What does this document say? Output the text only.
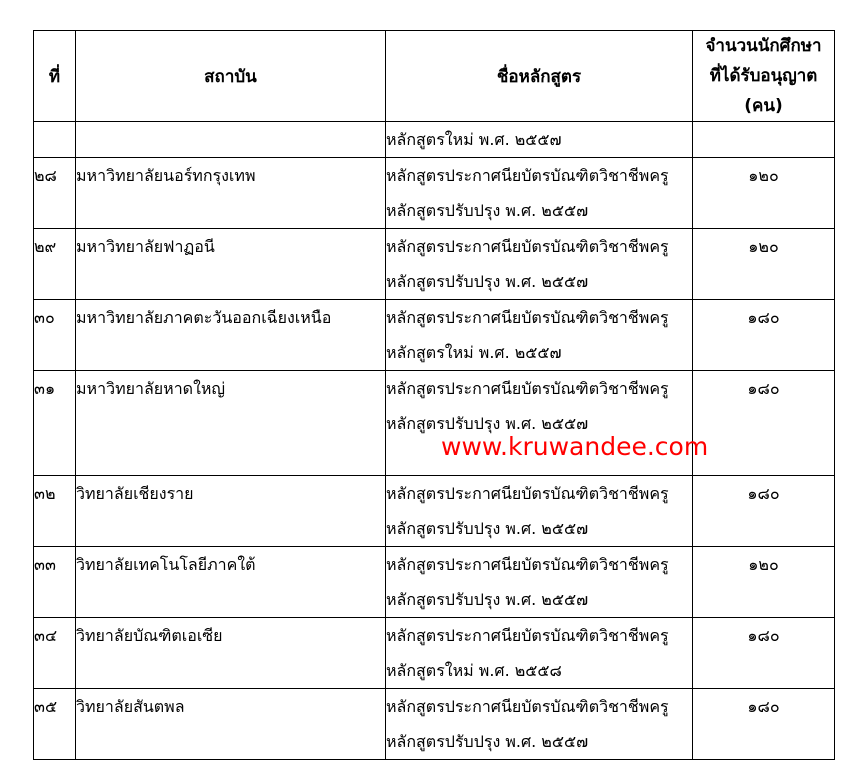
ที่	สถาบัน	ชื่อหลักสูตร	จำนวนนักศึกษา
ที่ได้รับอนุญาต
(คน)

		หลักสูตรใหม่ พ.ศ. ๒๕๕๗	

๒๘	มหาวิทยาลัยนอร์ทกรุงเทพ	หลักสูตรประกาศนียบัตรบัณฑิตวิชาชีพครู
หลักสูตรปรับปรุง พ.ศ. ๒๕๕๗	๑๒๐

๒๙	มหาวิทยาลัยฟาฏอนี	หลักสูตรประกาศนียบัตรบัณฑิตวิชาชีพครู
หลักสูตรปรับปรุง พ.ศ. ๒๕๕๗	๑๒๐

๓๐	มหาวิทยาลัยภาคตะวันออกเฉียงเหนือ	หลักสูตรประกาศนียบัตรบัณฑิตวิชาชีพครู
หลักสูตรใหม่ พ.ศ. ๒๕๕๗	๑๘๐

๓๑	มหาวิทยาลัยหาดใหญ่	หลักสูตรประกาศนียบัตรบัณฑิตวิชาชีพครู
หลักสูตรปรับปรุง พ.ศ. ๒๕๕๗	๑๘๐

๓๒	วิทยาลัยเชียงราย	หลักสูตรประกาศนียบัตรบัณฑิตวิชาชีพครู
หลักสูตรปรับปรุง พ.ศ. ๒๕๕๗	๑๘๐

๓๓	วิทยาลัยเทคโนโลยีภาคใต้	หลักสูตรประกาศนียบัตรบัณฑิตวิชาชีพครู
หลักสูตรปรับปรุง พ.ศ. ๒๕๕๗	๑๒๐

๓๔	วิทยาลัยบัณฑิตเอเซีย	หลักสูตรประกาศนียบัตรบัณฑิตวิชาชีพครู
หลักสูตรใหม่ พ.ศ. ๒๕๕๘	๑๘๐

๓๕	วิทยาลัยสันตพล	หลักสูตรประกาศนียบัตรบัณฑิตวิชาชีพครู
หลักสูตรปรับปรุง พ.ศ. ๒๕๕๗	๑๘๐
www.kruwandee.com
